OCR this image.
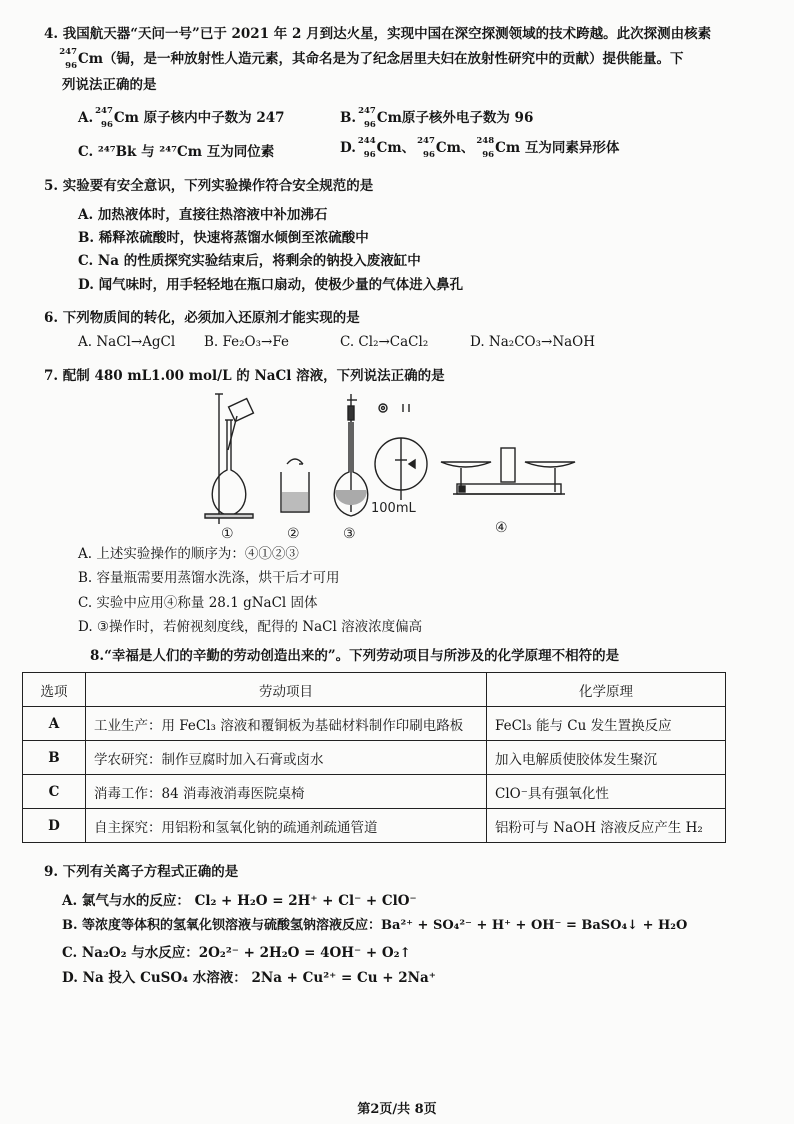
4. 我国航天器“天问一号”已于 2021 年 2 月到达火星，实现中国在深空探测领域的技术跨越。此次探测由核素
247
96 Cm（锔，是一种放射性人造元素，其命名是为了纪念居里夫妇在放射性研究中的贡献）提供能量。下
列说法正确的是
A. 247
96 Cm 原子核内中子数为 247	B. 247
96 Cm原子核外电子数为 96
C. ²⁴⁷Bk 与 ²⁴⁷Cm 互为同位素	D. 244
96 Cm、 247
96 Cm、 248
96 Cm 互为同素异形体
5. 实验要有安全意识，下列实验操作符合安全规范的是
A. 加热液体时，直接往热溶液中补加沸石
B. 稀释浓硫酸时，快速将蒸馏水倾倒至浓硫酸中
C. Na 的性质探究实验结束后，将剩余的钠投入废液缸中
D. 闻气味时，用手轻轻地在瓶口扇动，使极少量的气体进入鼻孔
6. 下列物质间的转化，必须加入还原剂才能实现的是
A. NaCl→AgCl B. Fe₂O₃→Fe	C. Cl₂→CaCl₂	D. Na₂CO₃→NaOH
7. 配制 480 mL1.00 mol/L 的 NaCl 溶液，下列说法正确的是
①	②	③	④
100mL
A. 上述实验操作的顺序为：④①②③
B. 容量瓶需要用蒸馏水洗涤，烘干后才可用
C. 实验中应用④称量 28.1 gNaCl 固体
D. ③操作时，若俯视刻度线，配得的 NaCl 溶液浓度偏高
8.“幸福是人们的辛勤的劳动创造出来的”。下列劳动项目与所涉及的化学原理不相符的是
选项	劳动项目	化学原理
A	工业生产：用 FeCl₃ 溶液和覆铜板为基础材料制作印刷电路板	FeCl₃ 能与 Cu 发生置换反应
B	学农研究：制作豆腐时加入石膏或卤水	加入电解质使胶体发生聚沉
C	消毒工作：84 消毒液消毒医院桌椅	ClO⁻具有强氧化性
D	自主探究：用铝粉和氢氧化钠的疏通剂疏通管道	铝粉可与 NaOH 溶液反应产生 H₂
9. 下列有关离子方程式正确的是
A. 氯气与水的反应： Cl₂ + H₂O = 2H⁺ + Cl⁻ + ClO⁻
B. 等浓度等体积的氢氧化钡溶液与硫酸氢钠溶液反应：Ba²⁺ + SO₄²⁻ + H⁺ + OH⁻ = BaSO₄↓ + H₂O
C. Na₂O₂ 与水反应：2O₂²⁻ + 2H₂O = 4OH⁻ + O₂↑
D. Na 投入 CuSO₄ 水溶液： 2Na + Cu²⁺ = Cu + 2Na⁺
第2页/共 8页
